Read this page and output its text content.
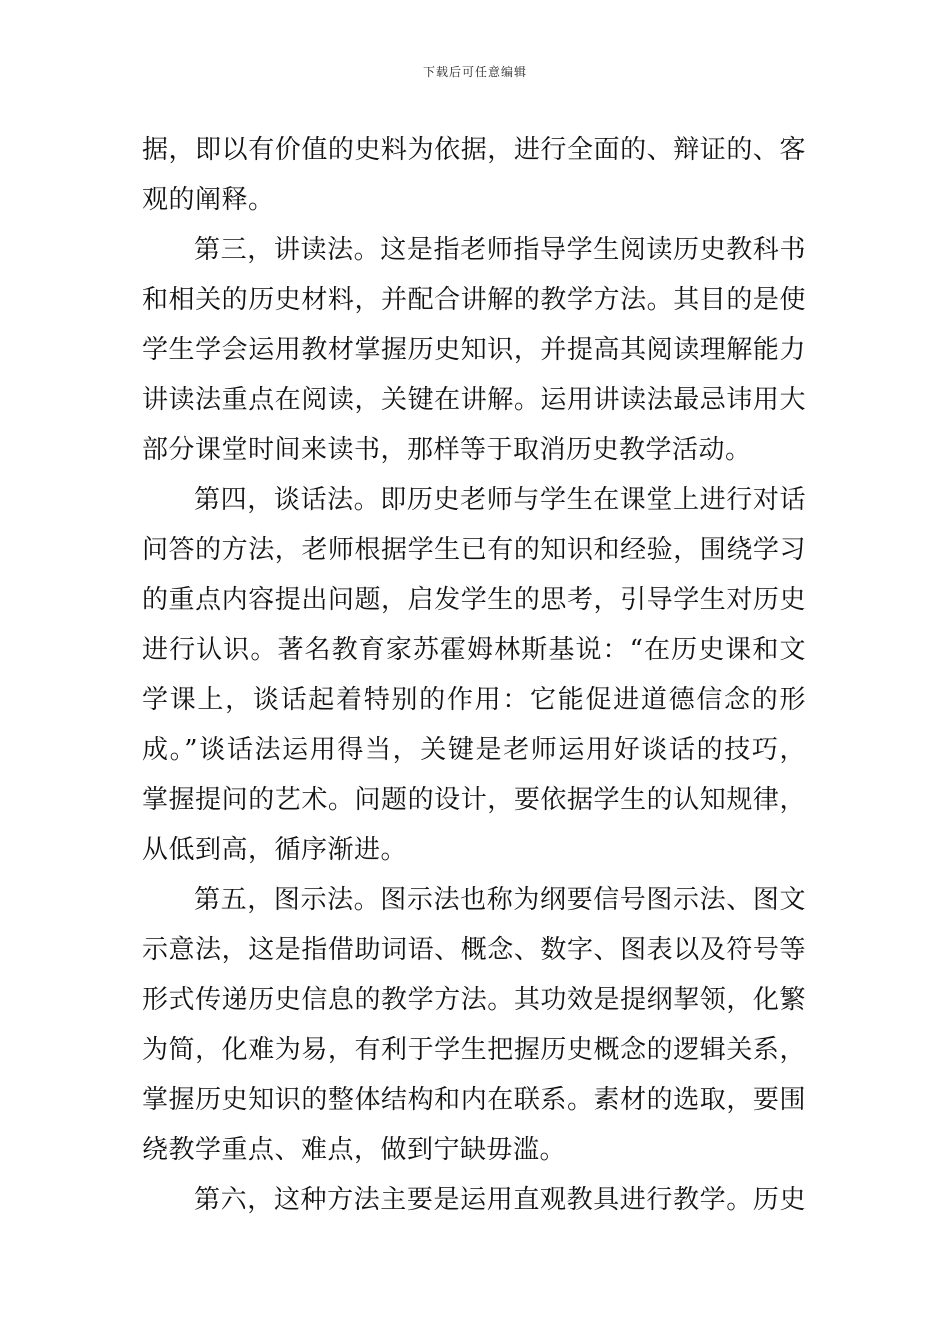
下载后可任意编辑
据，即以有价值的史料为依据，进行全面的、辩证的、客
观的阐释。
第三，讲读法。这是指老师指导学生阅读历史教科书
和相关的历史材料，并配合讲解的教学方法。其目的是使
学生学会运用教材掌握历史知识，并提高其阅读理解能力
讲读法重点在阅读，关键在讲解。运用讲读法最忌讳用大
部分课堂时间来读书，那样等于取消历史教学活动。
第四，谈话法。即历史老师与学生在课堂上进行对话
问答的方法，老师根据学生已有的知识和经验，围绕学习
的重点内容提出问题，启发学生的思考，引导学生对历史
进行认识。著名教育家苏霍姆林斯基说：“在历史课和文
学课上，谈话起着特别的作用：它能促进道德信念的形
成。”谈话法运用得当，关键是老师运用好谈话的技巧，
掌握提问的艺术。问题的设计，要依据学生的认知规律，
从低到高，循序渐进。
第五，图示法。图示法也称为纲要信号图示法、图文
示意法，这是指借助词语、概念、数字、图表以及符号等
形式传递历史信息的教学方法。其功效是提纲挈领，化繁
为简，化难为易，有利于学生把握历史概念的逻辑关系，
掌握历史知识的整体结构和内在联系。素材的选取，要围
绕教学重点、难点，做到宁缺毋滥。
第六，这种方法主要是运用直观教具进行教学。历史
